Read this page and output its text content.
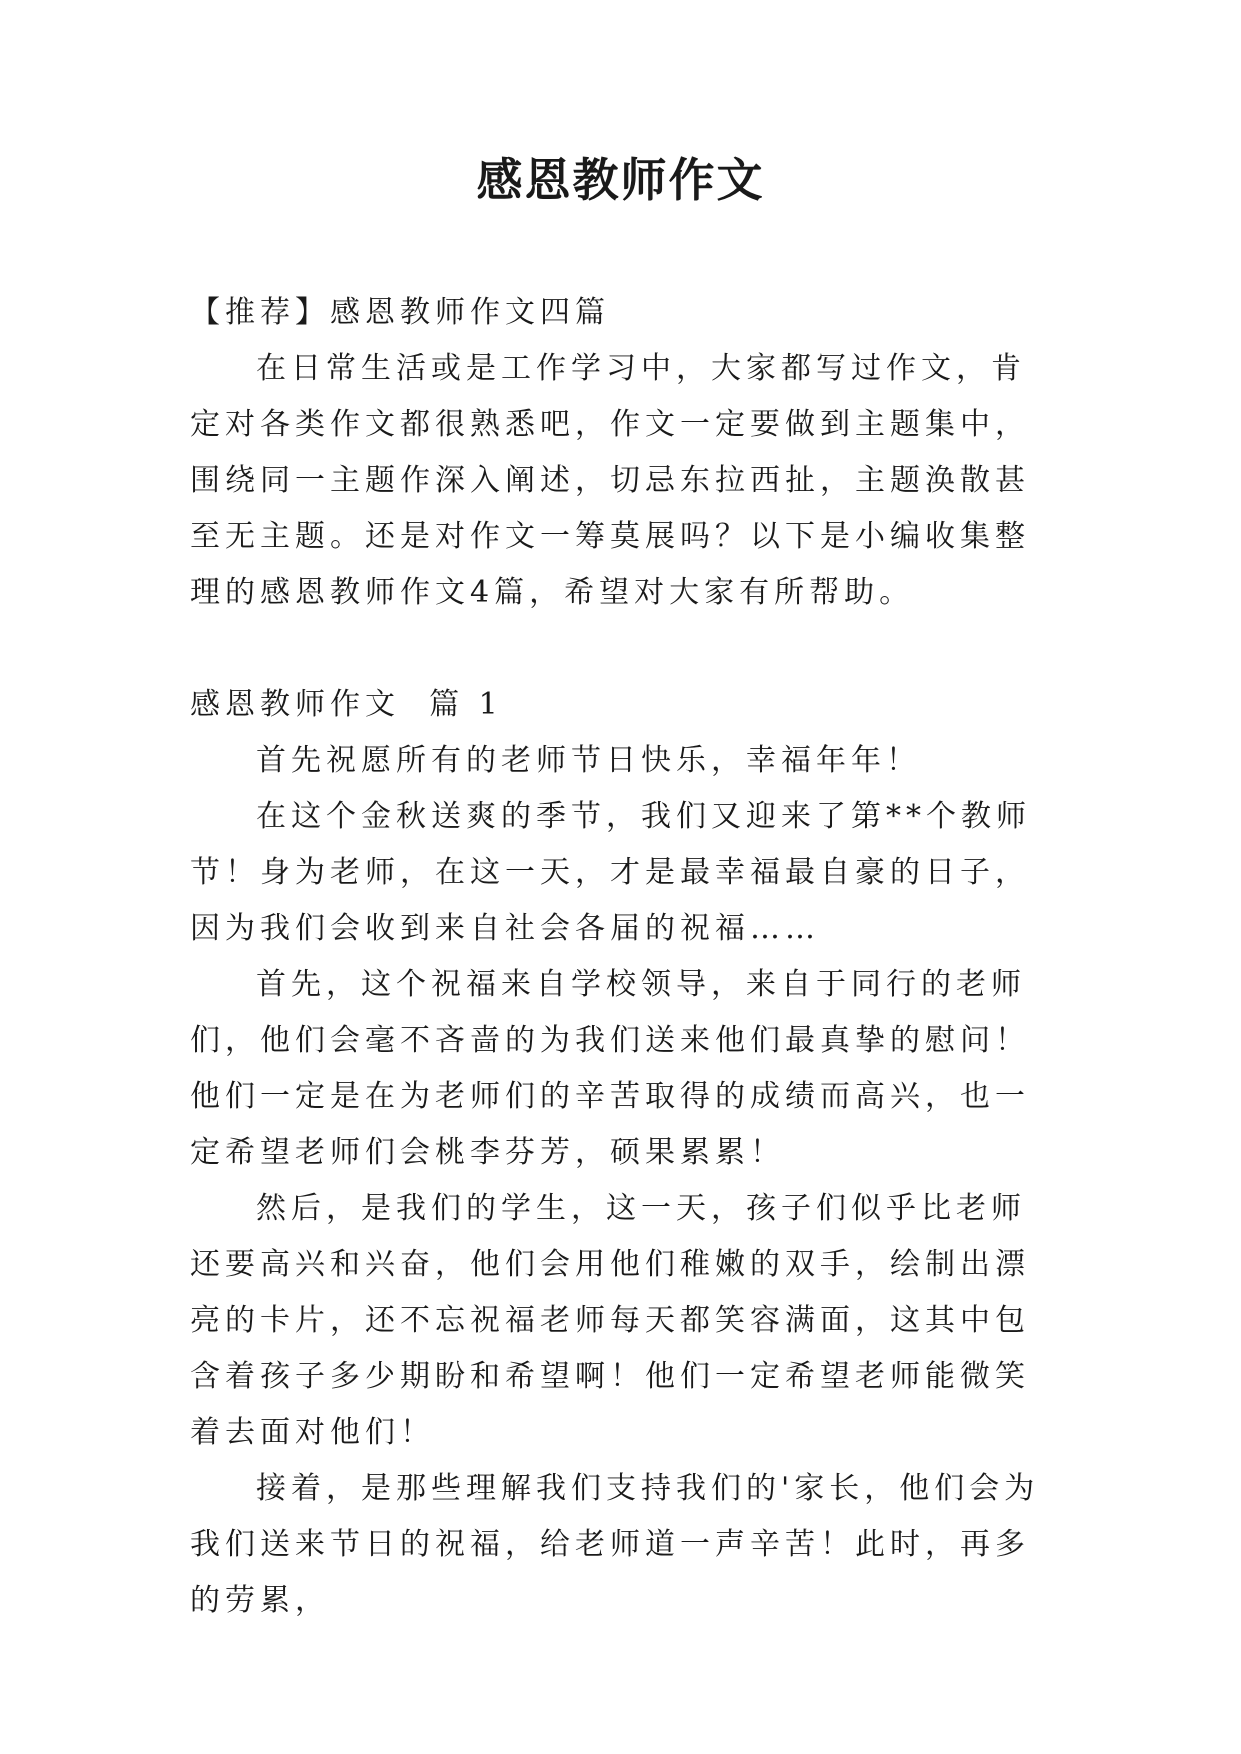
感恩教师作文

【推荐】感恩教师作文四篇

在日常生活或是工作学习中，大家都写过作文，肯定对各类作文都很熟悉吧，作文一定要做到主题集中，围绕同一主题作深入阐述，切忌东拉西扯，主题涣散甚至无主题。还是对作文一筹莫展吗？以下是小编收集整理的感恩教师作文4篇，希望对大家有所帮助。

感恩教师作文  篇 1

首先祝愿所有的老师节日快乐，幸福年年！

在这个金秋送爽的季节，我们又迎来了第**个教师节！身为老师，在这一天，才是最幸福最自豪的日子，因为我们会收到来自社会各届的祝福……

首先，这个祝福来自学校领导，来自于同行的老师们，他们会毫不吝啬的为我们送来他们最真挚的慰问！他们一定是在为老师们的辛苦取得的成绩而高兴，也一定希望老师们会桃李芬芳，硕果累累！

然后，是我们的学生，这一天，孩子们似乎比老师还要高兴和兴奋，他们会用他们稚嫩的双手，绘制出漂亮的卡片，还不忘祝福老师每天都笑容满面，这其中包含着孩子多少期盼和希望啊！他们一定希望老师能微笑着去面对他们！

接着，是那些理解我们支持我们的'家长，他们会为我们送来节日的祝福，给老师道一声辛苦！此时，再多的劳累，
